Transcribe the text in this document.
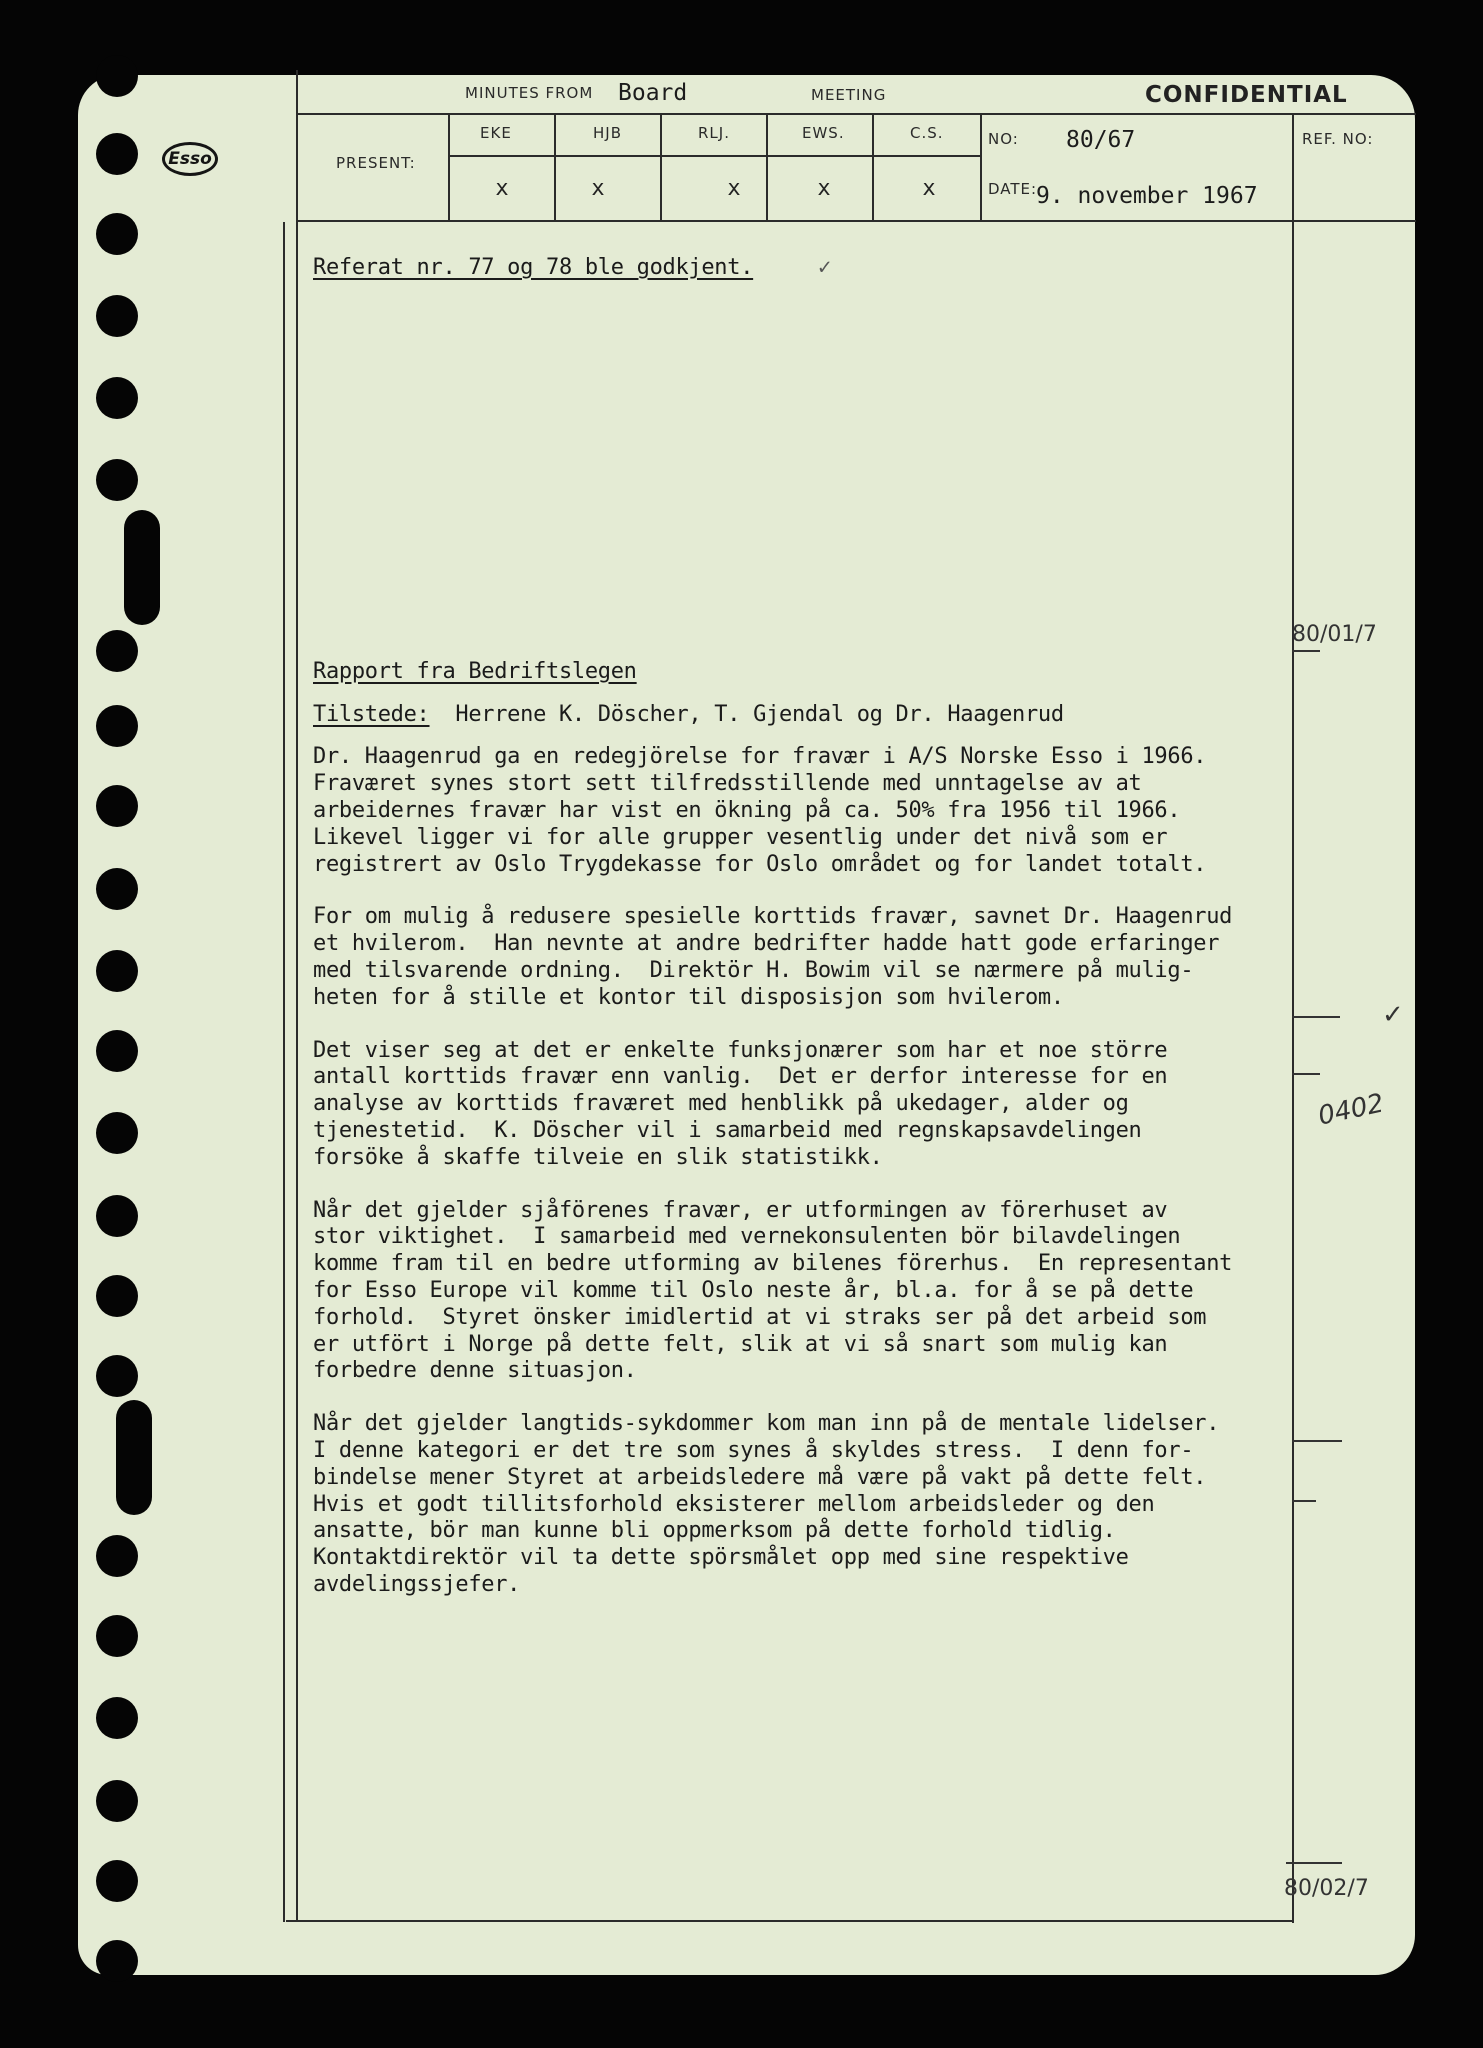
Esso
MINUTES FROM Board	MEETING	CONFIDENTIAL
PRESENT:
EKE	HJB	RLJ.	EWS.	C.S.
x	x	x	x	x
NO: 80/67
DATE:
9. november 1967
REF. NO:
Referat nr. 77 og 78 ble godkjent.	✓
Rapport fra Bedriftslegen
Tilstede:  Herrene K. Döscher, T. Gjendal og Dr. Haagenrud
Dr. Haagenrud ga en redegjörelse for fravær i A/S Norske Esso i 1966.
Fraværet synes stort sett tilfredsstillende med unntagelse av at
arbeidernes fravær har vist en ökning på ca. 50% fra 1956 til 1966.
Likevel ligger vi for alle grupper vesentlig under det nivå som er
registrert av Oslo Trygdekasse for Oslo området og for landet totalt.
For om mulig å redusere spesielle korttids fravær, savnet Dr. Haagenrud
et hvilerom.  Han nevnte at andre bedrifter hadde hatt gode erfaringer
med tilsvarende ordning.  Direktör H. Bowim vil se nærmere på mulig-
heten for å stille et kontor til disposisjon som hvilerom.
Det viser seg at det er enkelte funksjonærer som har et noe större
antall korttids fravær enn vanlig.  Det er derfor interesse for en
analyse av korttids fraværet med henblikk på ukedager, alder og
tjenestetid.  K. Döscher vil i samarbeid med regnskapsavdelingen
forsöke å skaffe tilveie en slik statistikk.
Når det gjelder sjåförenes fravær, er utformingen av förerhuset av
stor viktighet.  I samarbeid med vernekonsulenten bör bilavdelingen
komme fram til en bedre utforming av bilenes förerhus.  En representant
for Esso Europe vil komme til Oslo neste år, bl.a. for å se på dette
forhold.  Styret önsker imidlertid at vi straks ser på det arbeid som
er utfört i Norge på dette felt, slik at vi så snart som mulig kan
forbedre denne situasjon.
Når det gjelder langtids-sykdommer kom man inn på de mentale lidelser.
I denne kategori er det tre som synes å skyldes stress.  I denn for-
bindelse mener Styret at arbeidsledere må være på vakt på dette felt.
Hvis et godt tillitsforhold eksisterer mellom arbeidsleder og den
ansatte, bör man kunne bli oppmerksom på dette forhold tidlig.
Kontaktdirektör vil ta dette spörsmålet opp med sine respektive
avdelingssjefer.
80/01/7
✓
0402
80/02/7
